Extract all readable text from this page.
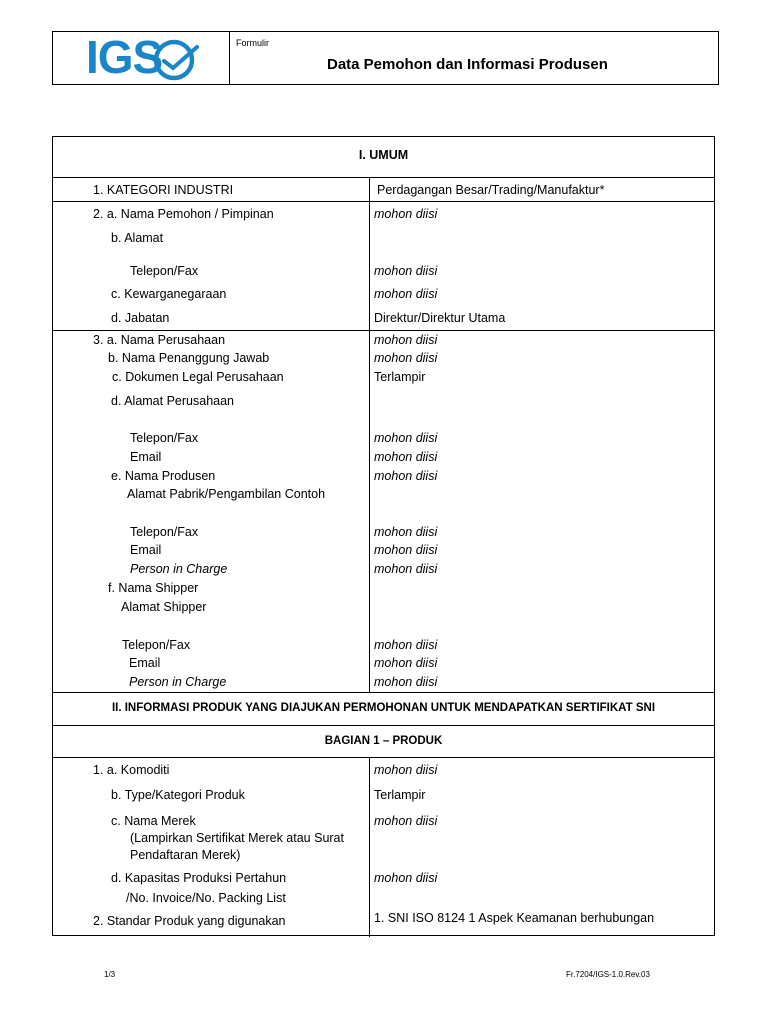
IGS	Formulir
Data Pemohon dan Informasi Produsen
I. UMUM
1. KATEGORI INDUSTRI	Perdagangan Besar/Trading/Manufaktur*
2. a. Nama Pemohon / Pimpinan	mohon diisi
b. Alamat
Telepon/Fax	mohon diisi
c. Kewarganegaraan	mohon diisi
d. Jabatan	Direktur/Direktur Utama
3. a. Nama Perusahaan	mohon diisi
b. Nama Penanggung Jawab	mohon diisi
c. Dokumen Legal Perusahaan	Terlampir
d. Alamat Perusahaan
Telepon/Fax	mohon diisi
Email	mohon diisi
e. Nama Produsen	mohon diisi
Alamat Pabrik/Pengambilan Contoh
Telepon/Fax	mohon diisi
Email	mohon diisi
Person in Charge	mohon diisi
f. Nama Shipper
Alamat Shipper
Telepon/Fax	mohon diisi
Email	mohon diisi
Person in Charge	mohon diisi
II. INFORMASI PRODUK YANG DIAJUKAN PERMOHONAN UNTUK MENDAPATKAN SERTIFIKAT SNI
BAGIAN 1 – PRODUK
1. a. Komoditi	mohon diisi
b. Type/Kategori Produk	Terlampir
c. Nama Merek	mohon diisi
(Lampirkan Sertifikat Merek atau Surat
Pendaftaran Merek)
d. Kapasitas Produksi Pertahun	mohon diisi
/No. Invoice/No. Packing List
2. Standar Produk yang digunakan	1. SNI ISO 8124 1 Aspek Keamanan berhubungan
1/3	Fr.7204/IGS-1.0.Rev.03
